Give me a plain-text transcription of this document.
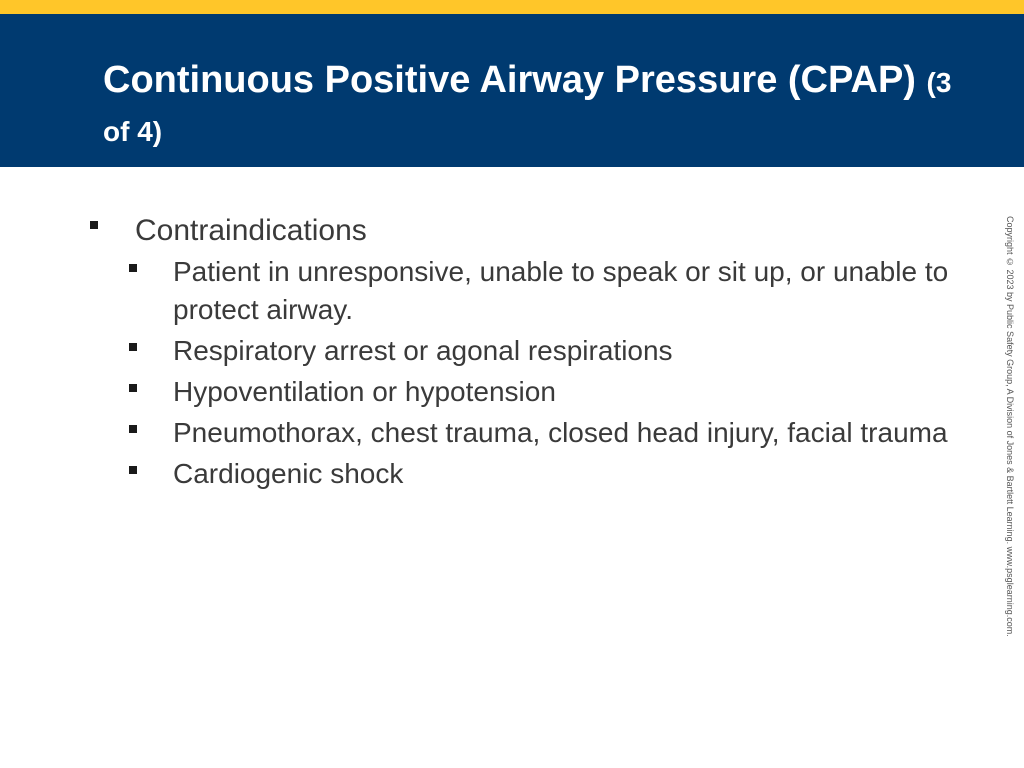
Continuous Positive Airway Pressure (CPAP) (3 of 4)
Contraindications
Patient in unresponsive, unable to speak or sit up, or unable to protect airway.
Respiratory arrest or agonal respirations
Hypoventilation or hypotension
Pneumothorax, chest trauma, closed head injury, facial trauma
Cardiogenic shock	Copyright © 2023 by Public Safety Group, A Division of Jones & Bartlett Learning. www.psglearning.com.
